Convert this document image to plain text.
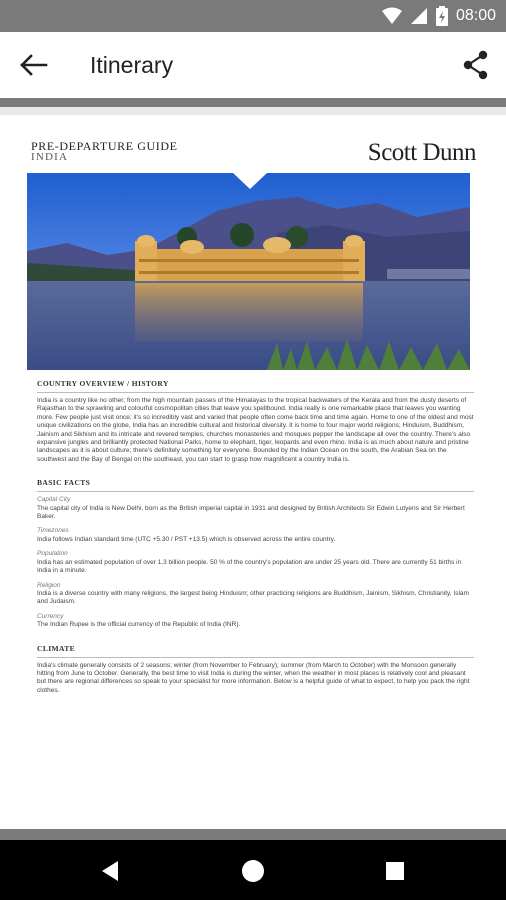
08:00
Itinerary
PRE-DEPARTURE GUIDE
INDIA	Scott Dunn
COUNTRY OVERVIEW / HISTORY

India is a country like no other; from the high mountain passes of the Himalayas to the tropical backwaters of the Kerala and from the dusty deserts of Rajasthan to the sprawling and colourful cosmopolitan cities that leave you spellbound. India really is one remarkable place that leaves you wanting more. Few people just visit once; it's so incredibly vast and varied that people often come back time and time again. Home to one of the oldest and most unique civilizations on the globe, India has an incredible cultural and historical diversity. It is home to four major world religions; Hinduism, Buddhism,

Jainism and Sikhism and its intricate and revered temples, churches monasteries and mosques pepper the landscape all over the country. There's also expansive jungles and brilliantly protected National Parks, home to elephant, tiger, leopards and even rhino. India is as much about nature and pristine landscapes as it is about culture; there's definitely something for everyone. Bounded by the Indian Ocean on the south, the Arabian Sea on the southwest and the Bay of Bengal on the southeast, you can start to grasp how magnificent a country India is.

BASIC FACTS
Capital City
The capital city of India is New Delhi, born as the British imperial capital in 1931 and designed by British Architects Sir Edwin Lutyens and Sir Herbert Baker.
Timezones
India follows Indian standard time (UTC +5.30 / PST +13.5) which is observed across the entire country.
Population
India has an estimated population of over 1.3 billion people. 50 % of the country's population are under 25 years old. There are currently 51 births in India in a minute.
Religion
India is a diverse country with many religions, the largest being Hinduism; other practicing religions are Buddhism, Jainism, Sikhism, Christianity, Islam and Judaism.
Currency
The Indian Rupee is the official currency of the Republic of India (INR).
CLIMATE

India's climate generally consists of 2 seasons; winter (from November to February); summer (from March to October) with the Monsoon generally hitting from June to October. Generally, the best time to visit India is during the winter, when the weather in most places is relatively cool and pleasant but there are regional differences so speak to your specialist for more information. Below is a helpful guide of what to expect, to help you pack the right clothes.
